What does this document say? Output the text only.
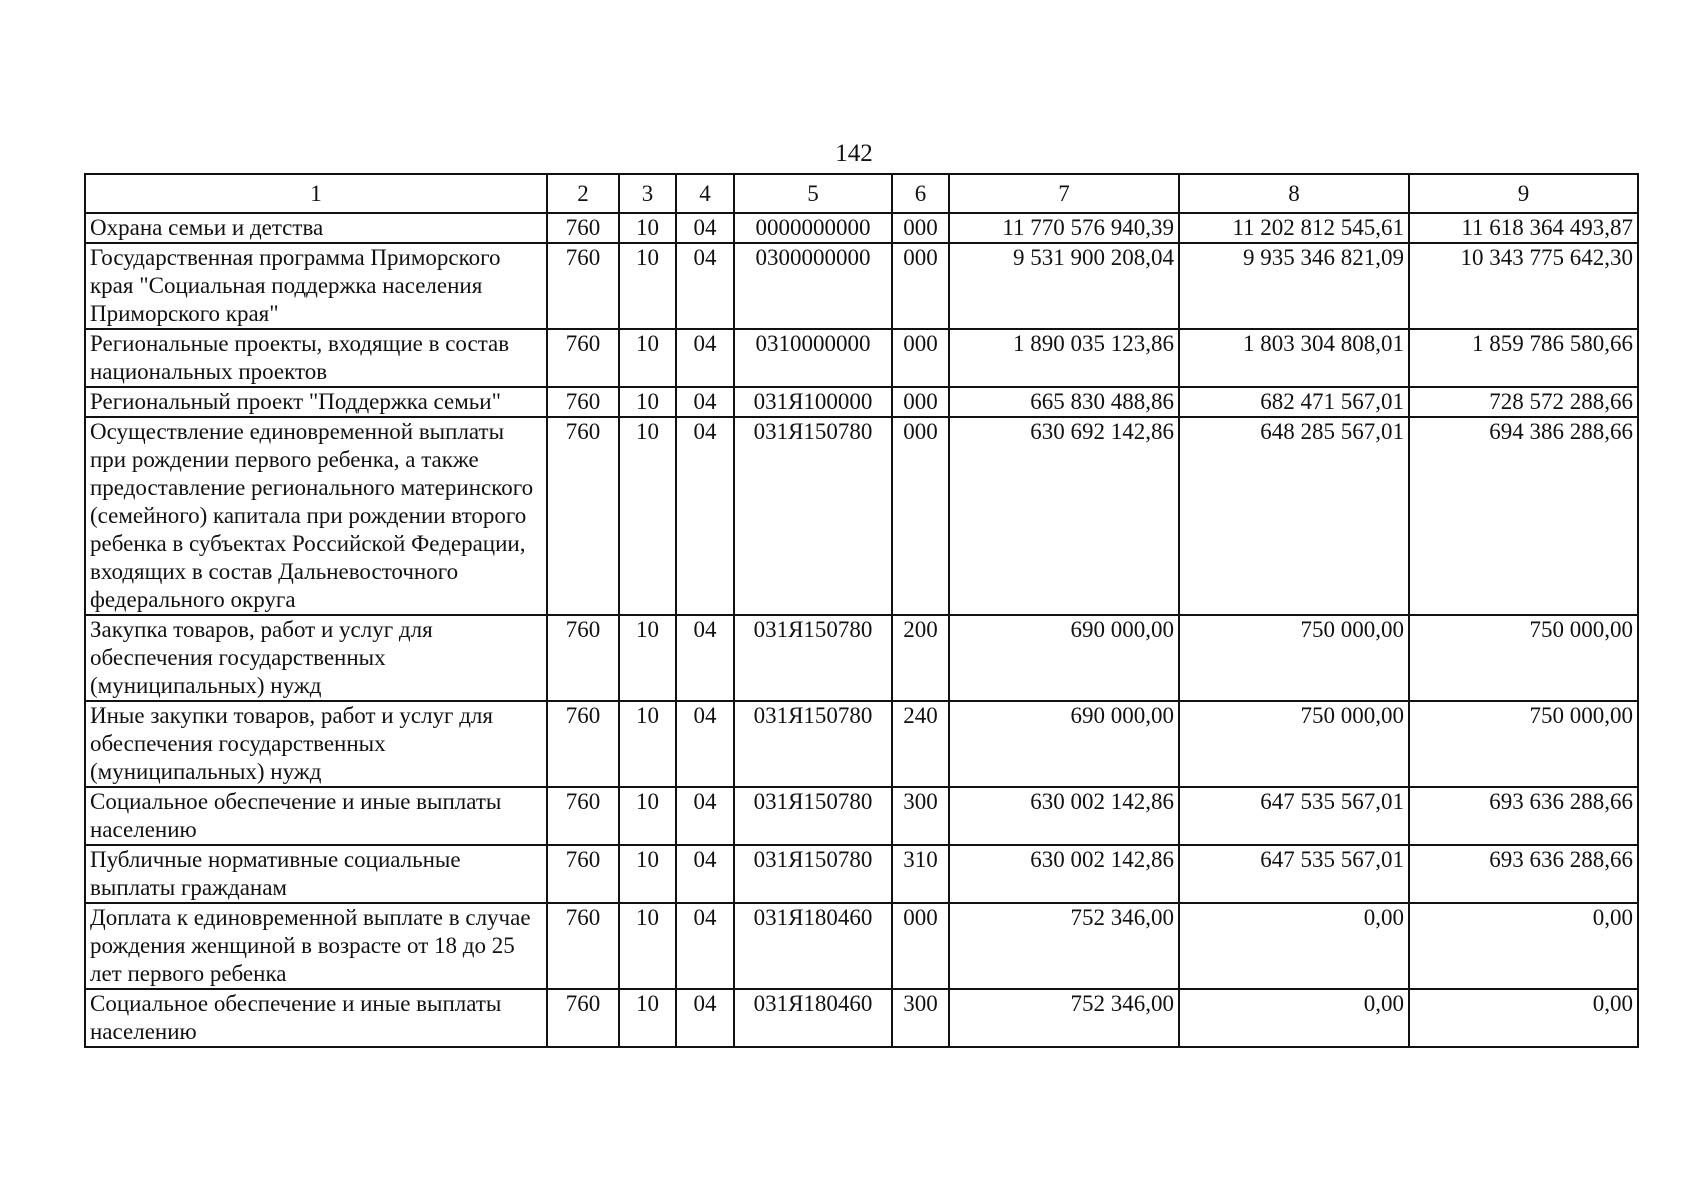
142
1	2	3	4	5	6	7	8	9
Охрана семьи и детства	760	10	04	0000000000	000	11 770 576 940,39	11 202 812 545,61	11 618 364 493,87
Государственная программа Приморского края "Социальная поддержка населения Приморского края"	760	10	04	0300000000	000	9 531 900 208,04	9 935 346 821,09	10 343 775 642,30
Региональные проекты, входящие в состав национальных проектов	760	10	04	0310000000	000	1 890 035 123,86	1 803 304 808,01	1 859 786 580,66
Региональный проект "Поддержка семьи"	760	10	04	031Я100000	000	665 830 488,86	682 471 567,01	728 572 288,66
Осуществление единовременной выплаты при рождении первого ребенка, а также предоставление регионального материнского (семейного) капитала при рождении второго ребенка в субъектах Российской Федерации, входящих в состав Дальневосточного федерального округа	760	10	04	031Я150780	000	630 692 142,86	648 285 567,01	694 386 288,66
Закупка товаров, работ и услуг для обеспечения государственных (муниципальных) нужд	760	10	04	031Я150780	200	690 000,00	750 000,00	750 000,00
Иные закупки товаров, работ и услуг для обеспечения государственных (муниципальных) нужд	760	10	04	031Я150780	240	690 000,00	750 000,00	750 000,00
Социальное обеспечение и иные выплаты населению	760	10	04	031Я150780	300	630 002 142,86	647 535 567,01	693 636 288,66
Публичные нормативные социальные выплаты гражданам	760	10	04	031Я150780	310	630 002 142,86	647 535 567,01	693 636 288,66
Доплата к единовременной выплате в случае рождения женщиной в возрасте от 18 до 25 лет первого ребенка	760	10	04	031Я180460	000	752 346,00	0,00	0,00
Социальное обеспечение и иные выплаты населению	760	10	04	031Я180460	300	752 346,00	0,00	0,00
